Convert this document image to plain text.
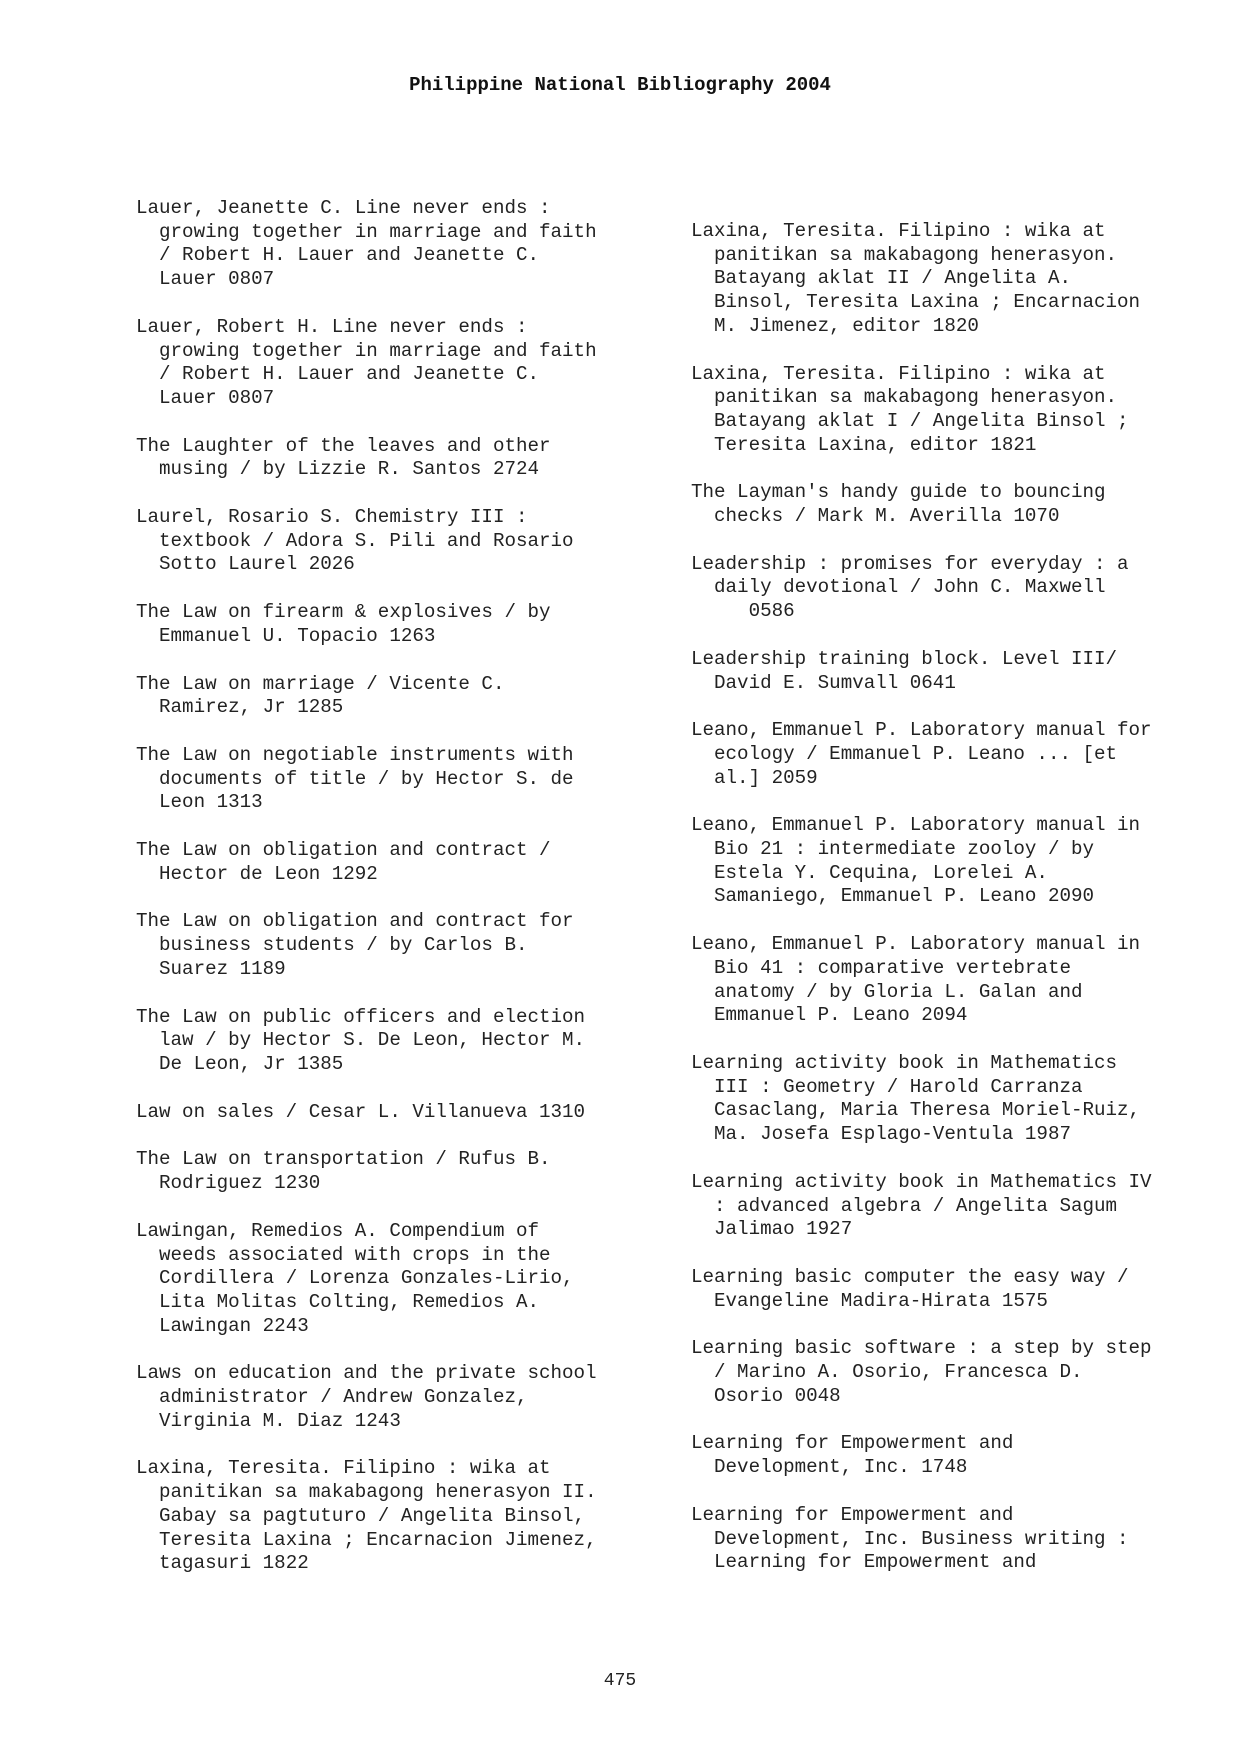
Philippine National Bibliography 2004

Lauer, Jeanette C. Line never ends :
growing together in marriage and faith
/ Robert H. Lauer and Jeanette C.
Lauer 0807

Lauer, Robert H. Line never ends :
growing together in marriage and faith
/ Robert H. Lauer and Jeanette C.
Lauer 0807

The Laughter of the leaves and other
musing / by Lizzie R. Santos 2724

Laurel, Rosario S. Chemistry III :
textbook / Adora S. Pili and Rosario
Sotto Laurel 2026

The Law on firearm & explosives / by
Emmanuel U. Topacio 1263

The Law on marriage / Vicente C.
Ramirez, Jr 1285

The Law on negotiable instruments with
documents of title / by Hector S. de
Leon 1313

The Law on obligation and contract /
Hector de Leon 1292

The Law on obligation and contract for
business students / by Carlos B.
Suarez 1189

The Law on public officers and election
law / by Hector S. De Leon, Hector M.
De Leon, Jr 1385

Law on sales / Cesar L. Villanueva 1310

The Law on transportation / Rufus B.
Rodriguez 1230

Lawingan, Remedios A. Compendium of
weeds associated with crops in the
Cordillera / Lorenza Gonzales-Lirio,
Lita Molitas Colting, Remedios A.
Lawingan 2243

Laws on education and the private school
administrator / Andrew Gonzalez,
Virginia M. Diaz 1243

Laxina, Teresita. Filipino : wika at
panitikan sa makabagong henerasyon II.
Gabay sa pagtuturo / Angelita Binsol,
Teresita Laxina ; Encarnacion Jimenez,
tagasuri 1822

Laxina, Teresita. Filipino : wika at
panitikan sa makabagong henerasyon.
Batayang aklat II / Angelita A.
Binsol, Teresita Laxina ; Encarnacion
M. Jimenez, editor 1820

Laxina, Teresita. Filipino : wika at
panitikan sa makabagong henerasyon.
Batayang aklat I / Angelita Binsol ;
Teresita Laxina, editor 1821

The Layman's handy guide to bouncing
checks / Mark M. Averilla 1070

Leadership : promises for everyday : a
daily devotional / John C. Maxwell
0586

Leadership training block. Level III/
David E. Sumvall 0641

Leano, Emmanuel P. Laboratory manual for
ecology / Emmanuel P. Leano ... [et
al.] 2059

Leano, Emmanuel P. Laboratory manual in
Bio 21 : intermediate zooloy / by
Estela Y. Cequina, Lorelei A.
Samaniego, Emmanuel P. Leano 2090

Leano, Emmanuel P. Laboratory manual in
Bio 41 : comparative vertebrate
anatomy / by Gloria L. Galan and
Emmanuel P. Leano 2094

Learning activity book in Mathematics
III : Geometry / Harold Carranza
Casaclang, Maria Theresa Moriel-Ruiz,
Ma. Josefa Esplago-Ventula 1987

Learning activity book in Mathematics IV
: advanced algebra / Angelita Sagum
Jalimao 1927

Learning basic computer the easy way /
Evangeline Madira-Hirata 1575

Learning basic software : a step by step
/ Marino A. Osorio, Francesca D.
Osorio 0048

Learning for Empowerment and
Development, Inc. 1748

Learning for Empowerment and
Development, Inc. Business writing :
Learning for Empowerment and

475
